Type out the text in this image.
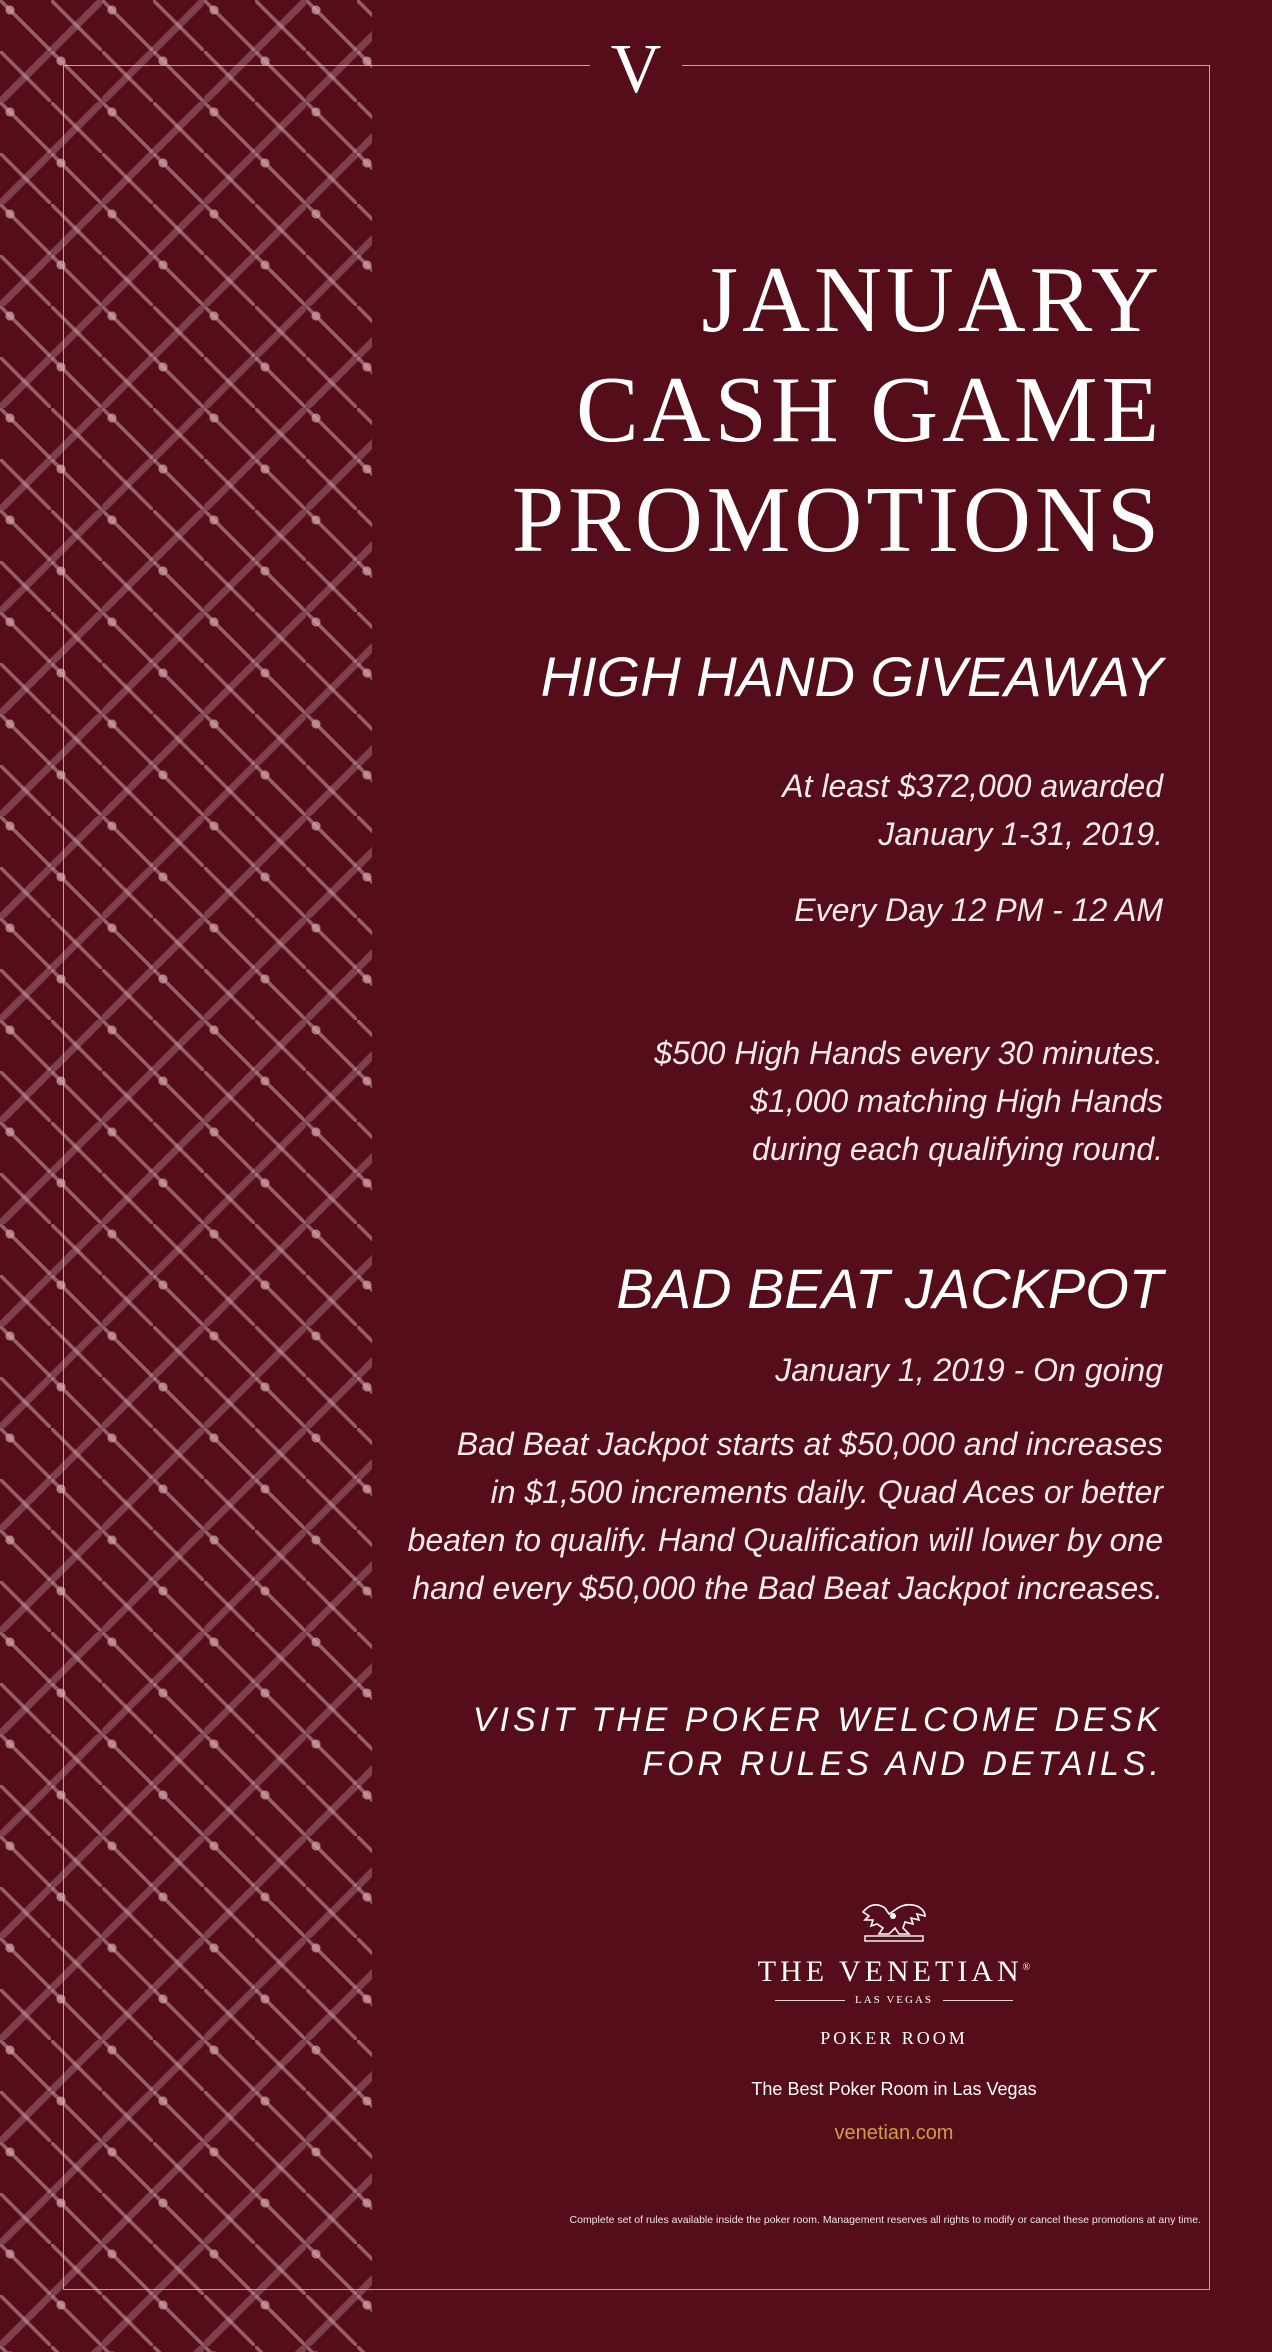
V
JANUARY
CASH GAME
PROMOTIONS
HIGH HAND GIVEAWAY
At least $372,000 awarded
January 1-31, 2019.
Every Day 12 PM - 12 AM
$500 High Hands every 30 minutes.
$1,000 matching High Hands
during each qualifying round.
BAD BEAT JACKPOT
January 1, 2019 - On going
Bad Beat Jackpot starts at $50,000 and increases
in $1,500 increments daily. Quad Aces or better
beaten to qualify. Hand Qualification will lower by one
hand every $50,000 the Bad Beat Jackpot increases.
VISIT THE POKER WELCOME DESK
FOR RULES AND DETAILS.
THE VENETIAN®
LAS VEGAS
POKER ROOM
The Best Poker Room in Las Vegas
venetian.com
Complete set of rules available inside the poker room. Management reserves all rights to modify or cancel these promotions at any time.
